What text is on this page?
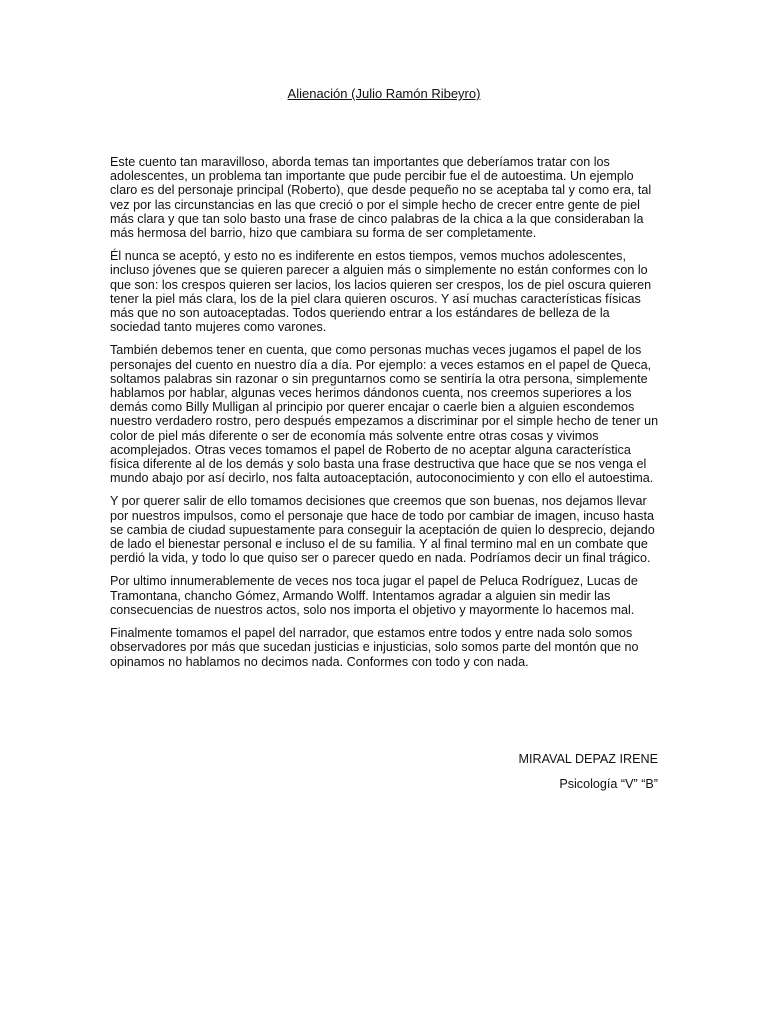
Alienación (Julio Ramón Ribeyro)

Este cuento tan maravilloso, aborda temas tan importantes que deberíamos tratar con los adolescentes, un problema tan importante que pude percibir fue el de autoestima. Un ejemplo claro es del personaje principal (Roberto), que desde pequeño no se aceptaba tal y como era, tal vez por las circunstancias en las que creció o por el simple hecho de crecer entre gente de piel más clara y que tan solo basto una frase de cinco palabras de la chica a la que consideraban la más hermosa del barrio, hizo que cambiara su forma de ser completamente.

Él nunca se aceptó, y esto no es indiferente en estos tiempos, vemos muchos adolescentes, incluso jóvenes que se quieren parecer a alguien más o simplemente no están conformes con lo que son: los crespos quieren ser lacios, los lacios quieren ser crespos, los de piel oscura quieren tener la piel más clara, los de la piel clara quieren oscuros. Y así muchas características físicas más que no son autoaceptadas. Todos queriendo entrar a los estándares de belleza de la sociedad tanto mujeres como varones.

También debemos tener en cuenta, que como personas muchas veces jugamos el papel de los personajes del cuento en nuestro día a día. Por ejemplo: a veces estamos en el papel de Queca, soltamos palabras sin razonar o sin preguntarnos como se sentiría la otra persona, simplemente hablamos por hablar, algunas veces herimos dándonos cuenta, nos creemos superiores a los demás como Billy Mulligan al principio por querer encajar o caerle bien a alguien escondemos nuestro verdadero rostro, pero después empezamos a discriminar por el simple hecho de tener un color de piel más diferente o ser de economía más solvente entre otras cosas y vivimos acomplejados. Otras veces tomamos el papel de Roberto de no aceptar alguna característica física diferente al de los demás y solo basta una frase destructiva que hace que se nos venga el mundo abajo por así decirlo, nos falta autoaceptación, autoconocimiento y con ello el autoestima.

Y por querer salir de ello tomamos decisiones que creemos que son buenas, nos dejamos llevar por nuestros impulsos, como el personaje que hace de todo por cambiar de imagen, incuso hasta se cambia de ciudad supuestamente para conseguir la aceptación de quien lo desprecio, dejando de lado el bienestar personal e incluso el de su familia. Y al final termino mal en un combate que perdió la vida, y todo lo que quiso ser o parecer quedo en nada. Podríamos decir un final trágico.

Por ultimo innumerablemente de veces nos toca jugar el papel de Peluca Rodríguez, Lucas de Tramontana, chancho Gómez, Armando Wolff. Intentamos agradar a alguien sin medir las consecuencias de nuestros actos, solo nos importa el objetivo y mayormente lo hacemos mal.

Finalmente tomamos el papel del narrador, que estamos entre todos y entre nada solo somos observadores por más que sucedan justicias e injusticias, solo somos parte del montón que no opinamos no hablamos no decimos nada. Conformes con todo y con nada.

MIRAVAL DEPAZ IRENE

Psicología “V” “B”
